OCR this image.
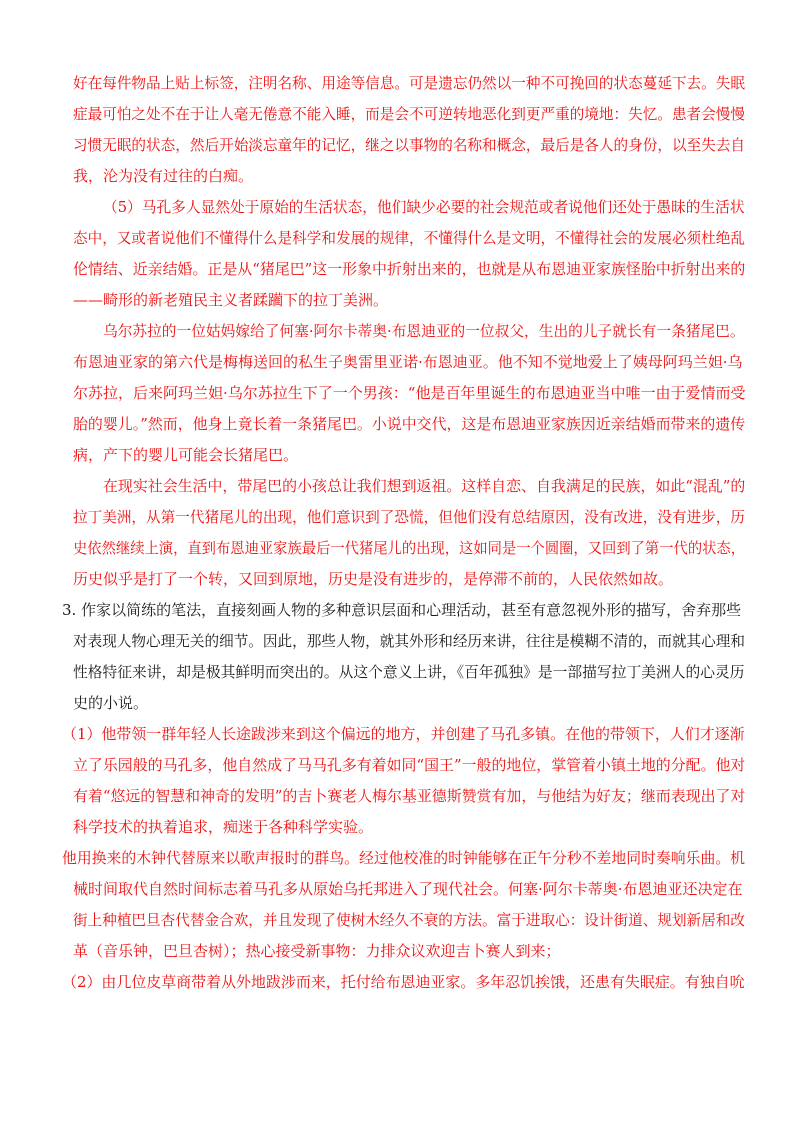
好在每件物品上贴上标签，注明名称、用途等信息。可是遗忘仍然以一种不可挽回的状态蔓延下去。失眠
症最可怕之处不在于让人毫无倦意不能入睡，而是会不可逆转地恶化到更严重的境地：失忆。患者会慢慢
习惯无眠的状态，然后开始淡忘童年的记忆，继之以事物的名称和概念，最后是各人的身份，以至失去自
我，沦为没有过往的白痴。
（5）马孔多人显然处于原始的生活状态，他们缺少必要的社会规范或者说他们还处于愚昧的生活状
态中，又或者说他们不懂得什么是科学和发展的规律，不懂得什么是文明，不懂得社会的发展必须杜绝乱
伦情结、近亲结婚。正是从“猪尾巴”这一形象中折射出来的，也就是从布恩迪亚家族怪胎中折射出来的
——畸形的新老殖民主义者蹂躏下的拉丁美洲。
乌尔苏拉的一位姑妈嫁给了何塞·阿尔卡蒂奥·布恩迪亚的一位叔父，生出的儿子就长有一条猪尾巴。
布恩迪亚家的第六代是梅梅送回的私生子奥雷里亚诺·布恩迪亚。他不知不觉地爱上了姨母阿玛兰妲·乌
尔苏拉，后来阿玛兰妲·乌尔苏拉生下了一个男孩：“他是百年里诞生的布恩迪亚当中唯一由于爱情而受
胎的婴儿。”然而，他身上竟长着一条猪尾巴。小说中交代，这是布恩迪亚家族因近亲结婚而带来的遗传
病，产下的婴儿可能会长猪尾巴。
在现实社会生活中，带尾巴的小孩总让我们想到返祖。这样自恋、自我满足的民族，如此“混乱”的
拉丁美洲，从第一代猪尾儿的出现，他们意识到了恐慌，但他们没有总结原因，没有改进，没有进步，历
史依然继续上演，直到布恩迪亚家族最后一代猪尾儿的出现，这如同是一个圆圈，又回到了第一代的状态，
历史似乎是打了一个转，又回到原地，历史是没有进步的，是停滞不前的，人民依然如故。
3. 作家以简练的笔法，直接刻画人物的多种意识层面和心理活动，甚至有意忽视外形的描写，舍弃那些
对表现人物心理无关的细节。因此，那些人物，就其外形和经历来讲，往往是模糊不清的，而就其心理和
性格特征来讲，却是极其鲜明而突出的。从这个意义上讲，《百年孤独》是一部描写拉丁美洲人的心灵历
史的小说。
（1）他带领一群年轻人长途跋涉来到这个偏远的地方，并创建了马孔多镇。在他的带领下，人们才逐渐
立了乐园般的马孔多，他自然成了马马孔多有着如同“国王”一般的地位，掌管着小镇土地的分配。他对
有着“悠远的智慧和神奇的发明”的吉卜赛老人梅尔基亚德斯赞赏有加，与他结为好友；继而表现出了对
科学技术的执着追求，痴迷于各种科学实验。
他用换来的木钟代替原来以歌声报时的群鸟。经过他校准的时钟能够在正午分秒不差地同时奏响乐曲。机
械时间取代自然时间标志着马孔多从原始乌托邦进入了现代社会。何塞·阿尔卡蒂奥·布恩迪亚还决定在
街上种植巴旦杏代替金合欢，并且发现了使树木经久不衰的方法。富于进取心：设计街道、规划新居和改
革（音乐钟，巴旦杏树）；热心接受新事物：力排众议欢迎吉卜赛人到来；
（2）由几位皮草商带着从外地跋涉而来，托付给布恩迪亚家。多年忍饥挨饿，还患有失眠症。有独自吮
